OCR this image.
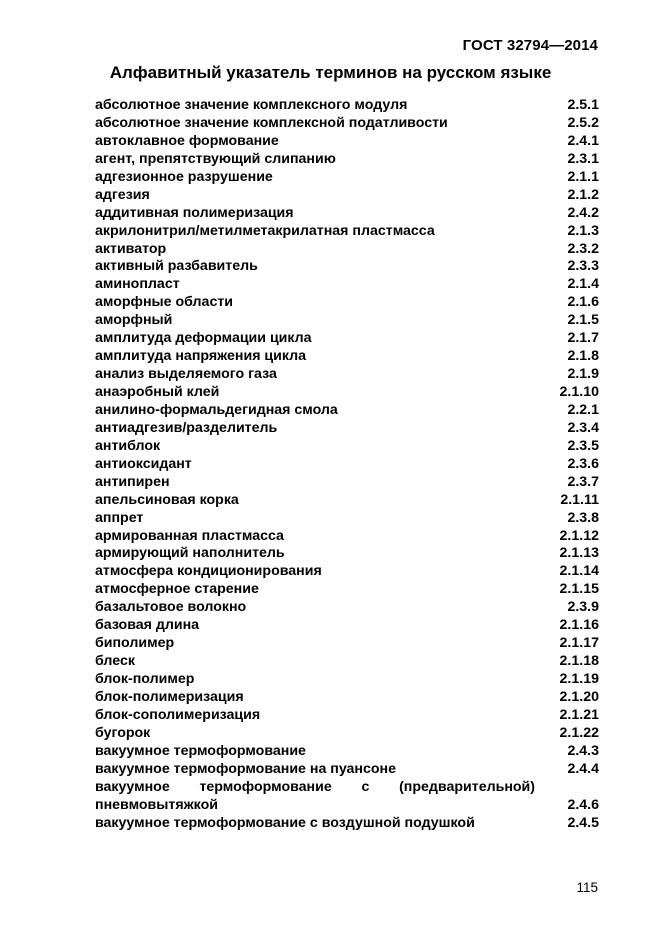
ГОСТ 32794—2014
Алфавитный указатель терминов на русском языке
абсолютное значение комплексного модуля	2.5.1
абсолютное значение комплексной податливости	2.5.2
автоклавное формование	2.4.1
агент, препятствующий слипанию	2.3.1
адгезионное разрушение	2.1.1
адгезия	2.1.2
аддитивная полимеризация	2.4.2
акрилонитрил/метилметакрилатная пластмасса	2.1.3
активатор	2.3.2
активный разбавитель	2.3.3
аминопласт	2.1.4
аморфные области	2.1.6
аморфный	2.1.5
амплитуда деформации цикла	2.1.7
амплитуда напряжения цикла	2.1.8
анализ выделяемого газа	2.1.9
анаэробный клей	2.1.10
анилино-формальдегидная смола	2.2.1
антиадгезив/разделитель	2.3.4
антиблок	2.3.5
антиоксидант	2.3.6
антипирен	2.3.7
апельсиновая корка	2.1.11
аппрет	2.3.8
армированная пластмасса	2.1.12
армирующий наполнитель	2.1.13
атмосфера кондиционирования	2.1.14
атмосферное старение	2.1.15
базальтовое волокно	2.3.9
базовая длина	2.1.16
биполимер	2.1.17
блеск	2.1.18
блок-полимер	2.1.19
блок-полимеризация	2.1.20
блок-сополимеризация	2.1.21
бугорок	2.1.22
вакуумное термоформование	2.4.3
вакуумное термоформование на пуансоне	2.4.4
вакуумное термоформование с (предварительной) пневмовытяжкой	2.4.6
вакуумное термоформование с воздушной подушкой	2.4.5
115
